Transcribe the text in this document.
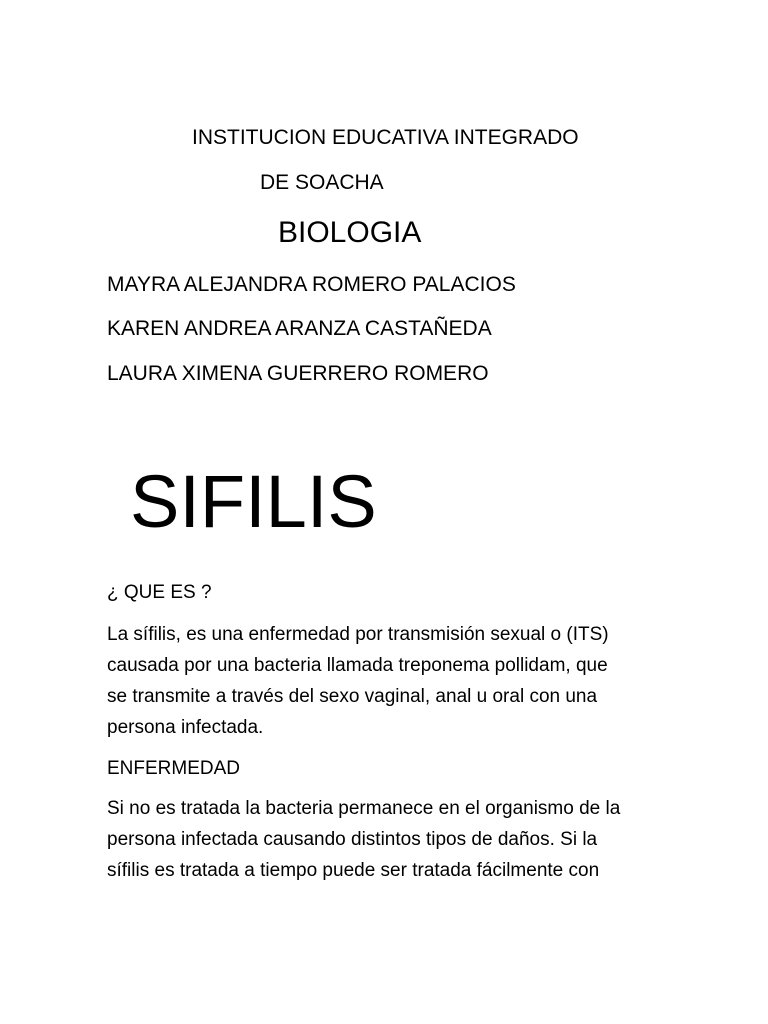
INSTITUCION EDUCATIVA INTEGRADO
DE SOACHA
BIOLOGIA
MAYRA ALEJANDRA ROMERO PALACIOS
KAREN ANDREA ARANZA CASTAÑEDA
LAURA XIMENA GUERRERO ROMERO
SIFILIS
¿ QUE ES ?
La sífilis, es una enfermedad por transmisión sexual o (ITS)
causada por una bacteria llamada treponema pollidam, que
se transmite a través del sexo vaginal, anal u oral con una
persona infectada.
ENFERMEDAD
Si no es tratada la bacteria permanece en el organismo de la
persona infectada causando distintos tipos de daños. Si la
sífilis es tratada a tiempo puede ser tratada fácilmente con
